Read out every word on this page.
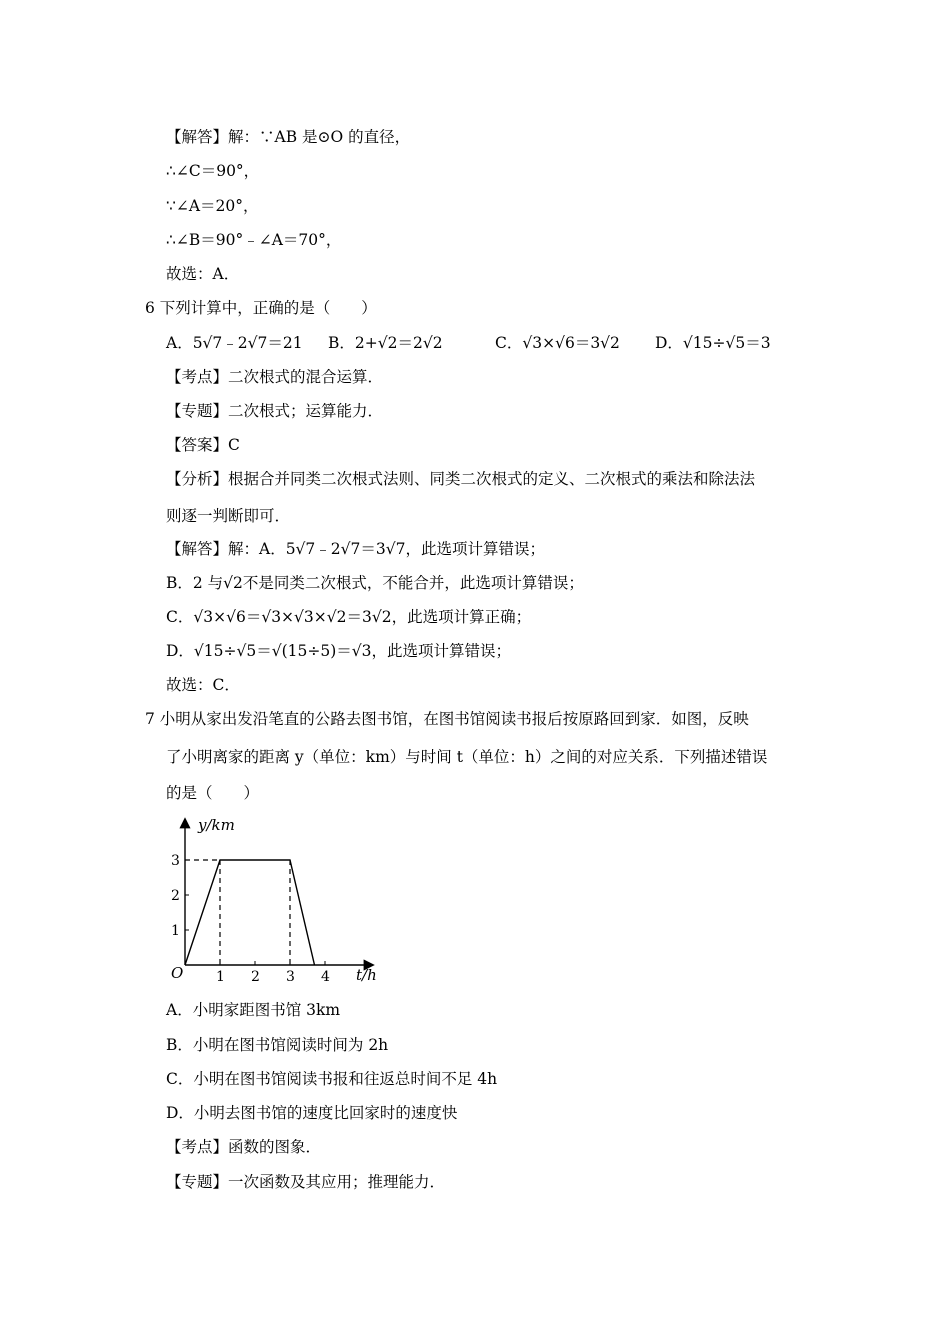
【解答】解：∵AB 是⊙O 的直径，
∴∠C＝90°，
∵∠A＝20°，
∴∠B＝90°﹣∠A＝70°，
故选：A．
6 下列计算中，正确的是（　　）
A．5√7﹣2√7＝21 B．2+√2＝2√2	C．√3×√6＝3√2 D．√15÷√5＝3
【考点】二次根式的混合运算．
【专题】二次根式；运算能力．
【答案】C
【分析】根据合并同类二次根式法则、同类二次根式的定义、二次根式的乘法和除法法
则逐一判断即可．
【解答】解：A．5√7﹣2√7＝3√7，此选项计算错误；
B．2 与√2不是同类二次根式，不能合并，此选项计算错误；
C．√3×√6＝√3×√3×√2＝3√2，此选项计算正确；
D．√15÷√5＝√(15÷5)＝√3，此选项计算错误；
故选：C．
7 小明从家出发沿笔直的公路去图书馆，在图书馆阅读书报后按原路回到家．如图，反映
了小明离家的距离 y（单位：km）与时间 t（单位：h）之间的对应关系．下列描述错误
的是（　　）
y/km
t/h
O 1 2 3 4
1
2
3
A．小明家距图书馆 3km
B．小明在图书馆阅读时间为 2h
C．小明在图书馆阅读书报和往返总时间不足 4h
D．小明去图书馆的速度比回家时的速度快
【考点】函数的图象．
【专题】一次函数及其应用；推理能力．
